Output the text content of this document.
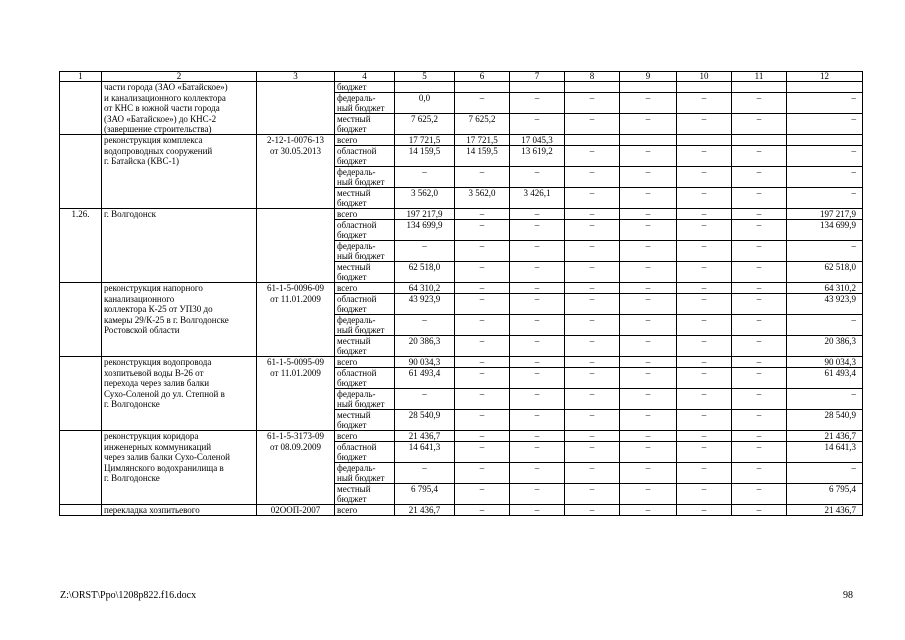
1	2	3	4	5	6	7	8	9	10	11	12
	части города (ЗАО «Батайское»)		бюджет								
	и канализационного коллектора		федераль-	0,0	–	–	–	–	–	–	–
	от КНС в южной части города		ный бюджет								
	(ЗАО «Батайское») до КНС-2		местный	7 625,2	7 625,2	–	–	–	–	–	–
	(завершение строительства)		бюджет								
	реконструкция комплекса	2-12-1-0076-13	всего	17 721,5	17 721,5	17 045,3					
	водопроводных сооружений	от 30.05.2013	областной	14 159,5	14 159,5	13 619,2	–	–	–	–	–
	г. Батайска (КВС-1)		бюджет								
			федераль-	–	–	–	–	–	–	–	–
			ный бюджет								
			местный	3 562,0	3 562,0	3 426,1	–	–	–	–	–
			бюджет								
1.26.	г. Волгодонск		всего	197 217,9	–	–	–	–	–	–	197 217,9
			областной	134 699,9	–	–	–	–	–	–	134 699,9
			бюджет								
			федераль-	–	–	–	–	–	–	–	–
			ный бюджет								
			местный	62 518,0	–	–	–	–	–	–	62 518,0
			бюджет								
	реконструкция напорного	61-1-5-0096-09	всего	64 310,2	–	–	–	–	–	–	64 310,2
	канализационного	от 11.01.2009	областной	43 923,9	–	–	–	–	–	–	43 923,9
	коллектора К-25 от УП30 до		бюджет								
	камеры 29/К-25 в г. Волгодонске		федераль-	–	–	–	–	–	–	–	–
	Ростовской области		ный бюджет								
			местный	20 386,3	–	–	–	–	–	–	20 386,3
			бюджет								
	реконструкция водопровода	61-1-5-0095-09	всего	90 034,3	–	–	–	–	–	–	90 034,3
	хозпитьевой воды В-26 от	от 11.01.2009	областной	61 493,4	–	–	–	–	–	–	61 493,4
	перехода через залив балки		бюджет								
	Сухо-Соленой до ул. Степной в		федераль-	–	–	–	–	–	–	–	–
	г. Волгодонске		ный бюджет								
			местный	28 540,9	–	–	–	–	–	–	28 540,9
			бюджет								
	реконструкция коридора	61-1-5-3173-09	всего	21 436,7	–	–	–	–	–	–	21 436,7
	инженерных коммуникаций	от 08.09.2009	областной	14 641,3	–	–	–	–	–	–	14 641,3
	через залив балки Сухо-Соленой		бюджет								
	Цимлянского водохранилища в		федераль-	–	–	–	–	–	–	–	–
	г. Волгодонске		ный бюджет								
			местный	6 795,4	–	–	–	–	–	–	6 795,4
			бюджет								
	перекладка хозпитьевого	02ООП-2007	всего	21 436,7	–	–	–	–	–	–	21 436,7
Z:\ORST\Ppo\1208p822.f16.docx	98
